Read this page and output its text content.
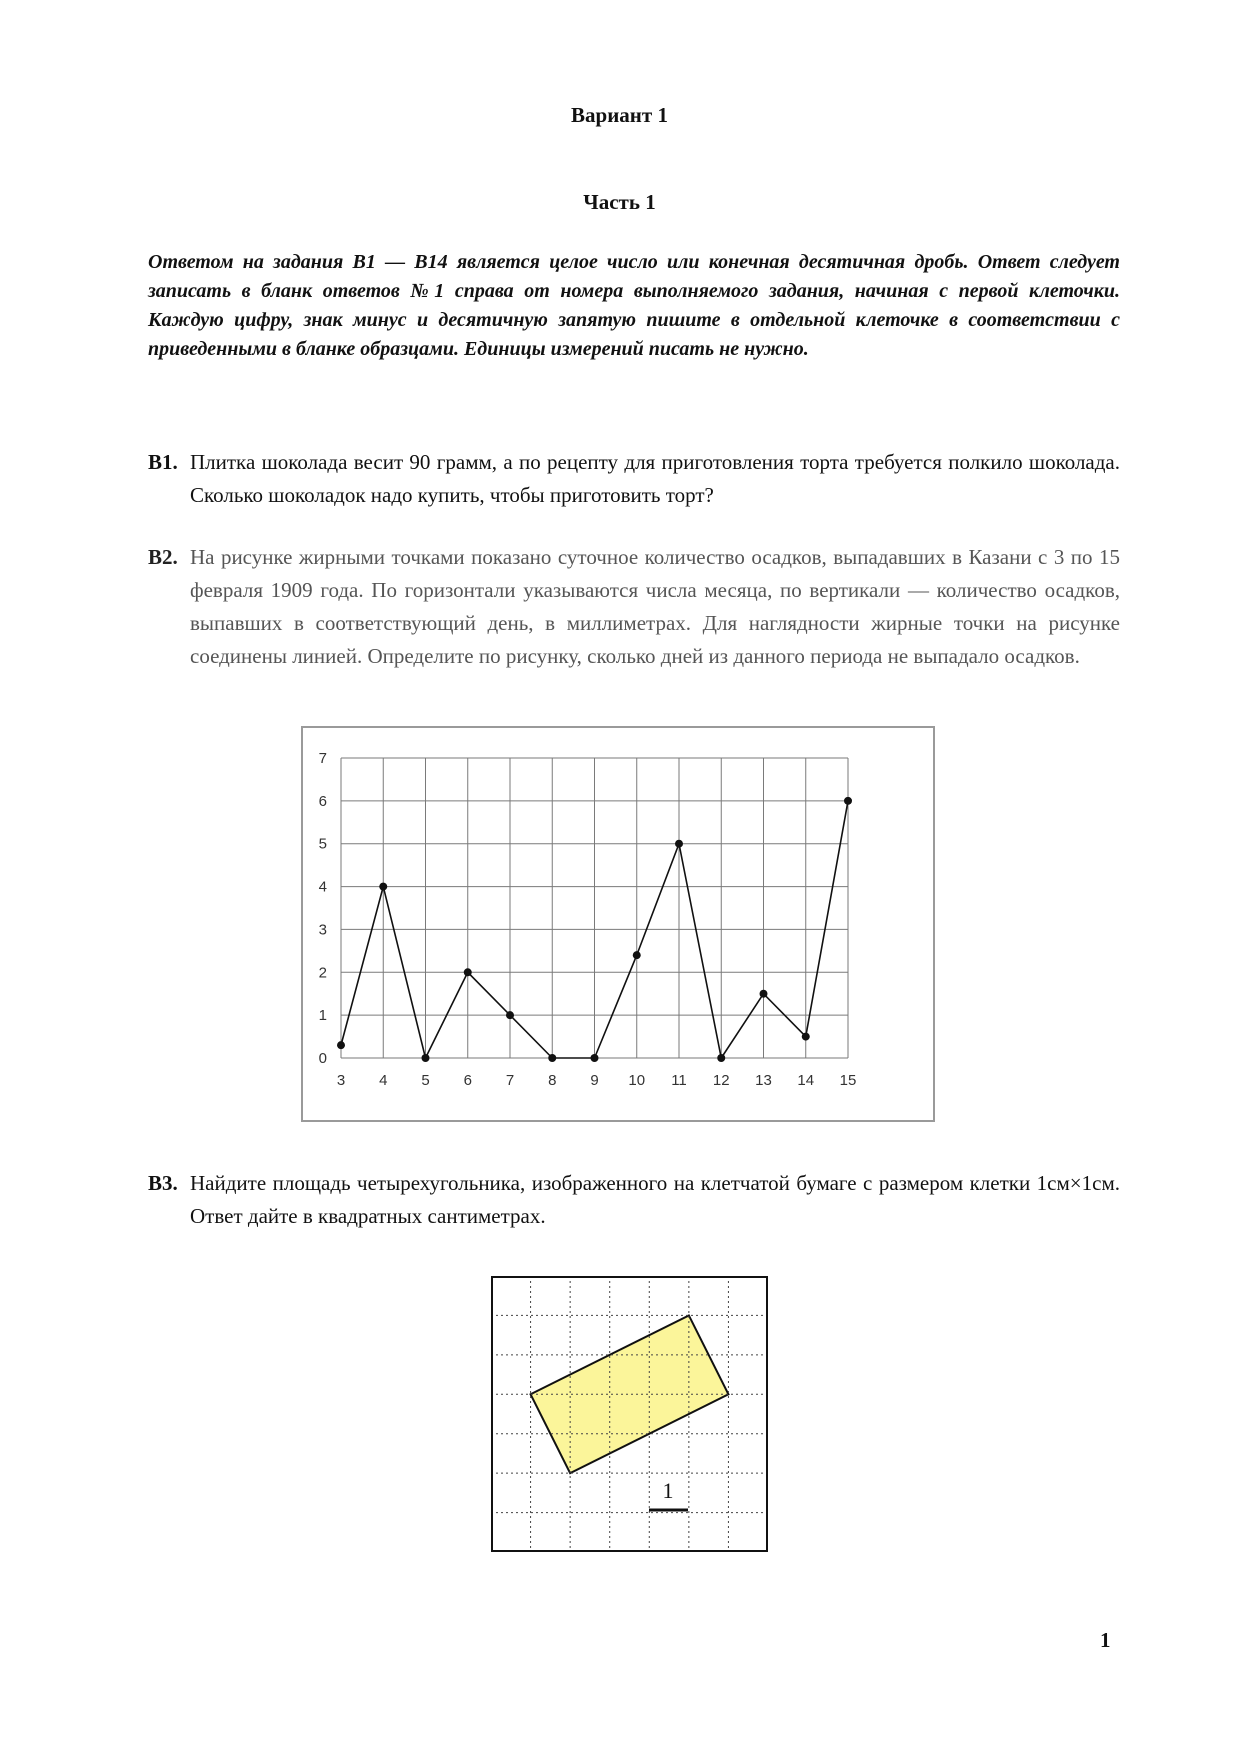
Вариант 1
Часть 1
Ответом на задания В1 — В14 является целое число или конечная десятичная дробь. Ответ следует записать в бланк ответов №1 справа от номера выполняемого задания, начиная с первой клеточки. Каждую цифру, знак минус и десятичную запятую пишите в отдельной клеточке в соответствии с приведенными в бланке образцами. Единицы измерений писать не нужно.
В1. Плитка шоколада весит 90 грамм, а по рецепту для приготовления торта требуется полкило шоколада. Сколько шоколадок надо купить, чтобы приготовить торт?
В2. На рисунке жирными точками показано суточное количество осадков, выпадавших в Казани с 3 по 15 февраля 1909 года. По горизонтали указываются числа месяца, по вертикали — количество осадков, выпавших в соответствующий день, в миллиметрах. Для наглядности жирные точки на рисунке соединены линией. Определите по рисунку, сколько дней из данного периода не выпадало осадков.
3 4 5 6 7 8 9 10 11 12 13 14 15
0
1
2
3
4
5
6
7
В3. Найдите площадь четырехугольника, изображенного на клетчатой бумаге с размером клетки 1см×1см. Ответ дайте в квадратных сантиметрах.
1
1
